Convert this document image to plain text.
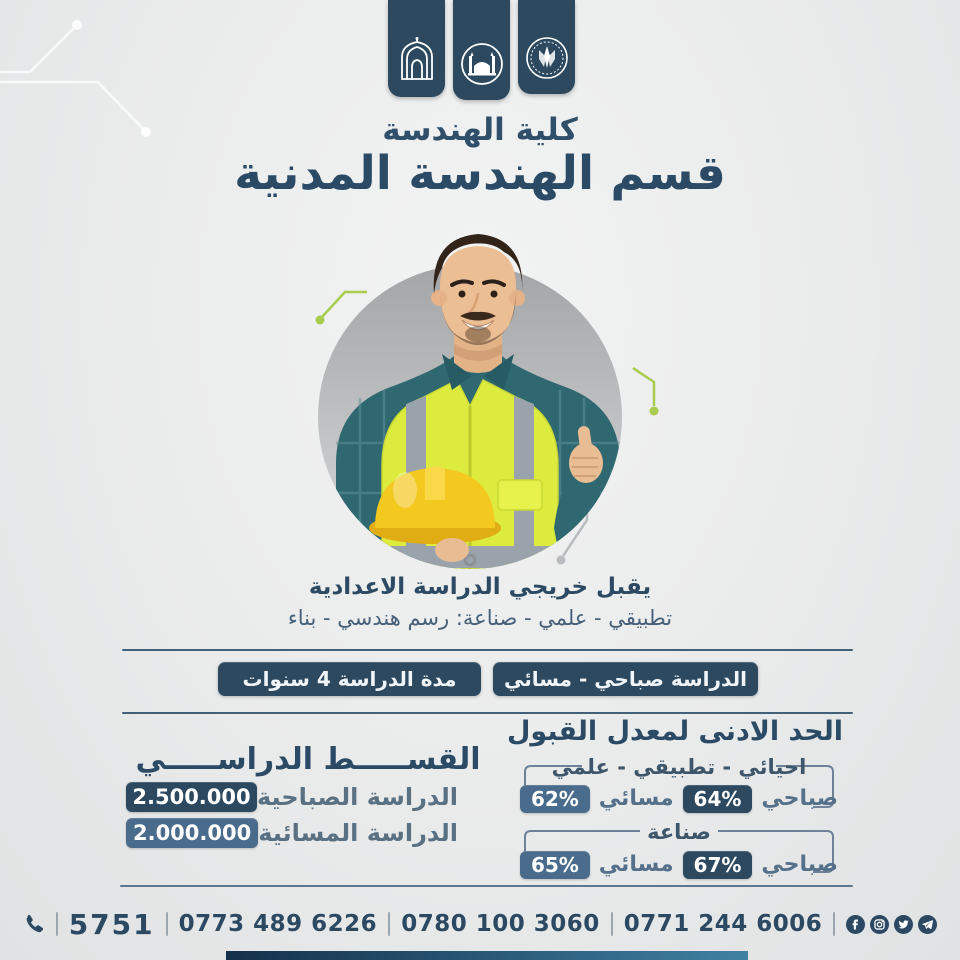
كلية الهندسة
قسم الهندسة المدنية
يقبل خريجي الدراسة الاعدادية
تطبيقي - علمي - صناعة: رسم هندسي - بناء
مدة الدراسة 4 سنوات	الدراسة صباحي - مسائي
الحد الادنى لمعدل القبول
احيائي - تطبيقي - علمي
صباحي
64%
مسائي
62%
صناعة
صباحي
67%
مسائي
65%
القســـــط الدراســـــي
الدراسة الصباحية
2.500.000
الدراسة المسائية
2.000.000
5751 0773 489 6226 0780 100 3060 0771 244 6006
